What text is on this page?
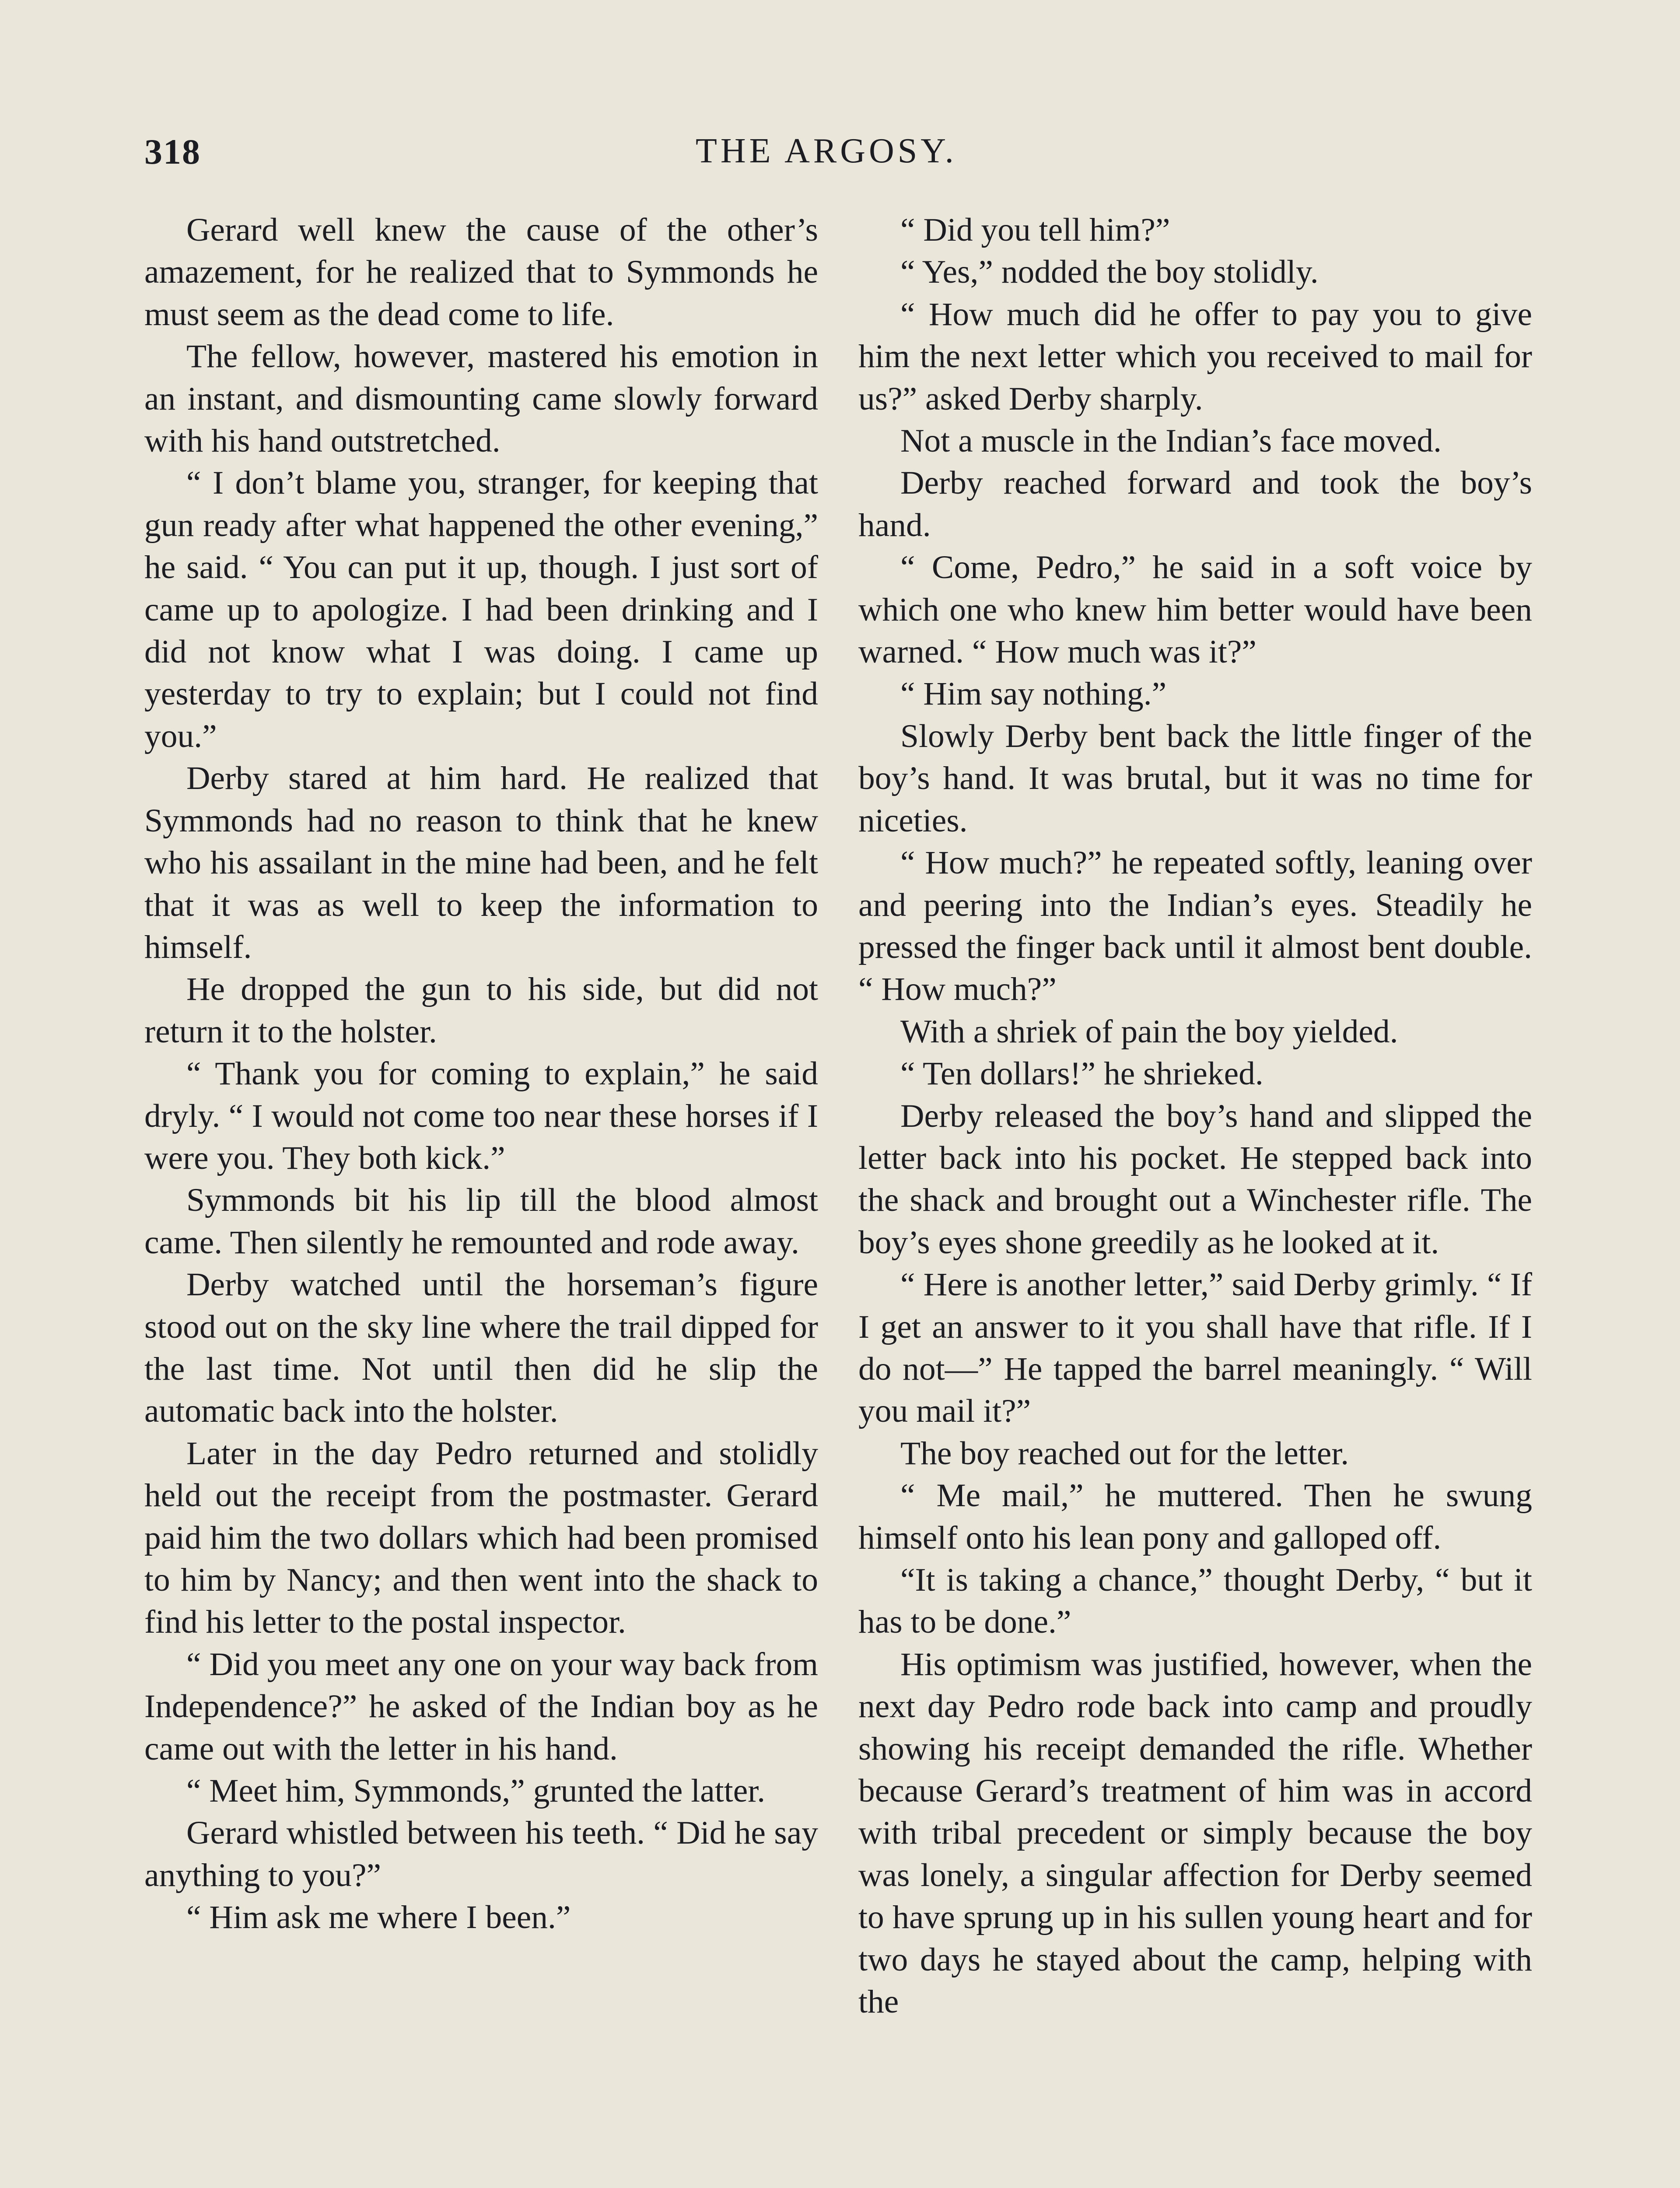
318	THE ARGOSY.

Gerard well knew the cause of the other’s amazement, for he realized that to Symmonds he must seem as the dead come to life.

The fellow, however, mastered his emotion in an instant, and dismounting came slowly forward with his hand outstretched.

“ I don’t blame you, stranger, for keeping that gun ready after what happened the other evening,” he said. “ You can put it up, though. I just sort of came up to apologize. I had been drinking and I did not know what I was doing. I came up yesterday to try to explain; but I could not find you.”

Derby stared at him hard. He realized that Symmonds had no reason to think that he knew who his assailant in the mine had been, and he felt that it was as well to keep the information to himself.

He dropped the gun to his side, but did not return it to the holster.

“ Thank you for coming to explain,” he said dryly. “ I would not come too near these horses if I were you. They both kick.”

Symmonds bit his lip till the blood almost came. Then silently he remounted and rode away.

Derby watched until the horseman’s figure stood out on the sky line where the trail dipped for the last time. Not until then did he slip the automatic back into the holster.

Later in the day Pedro returned and stolidly held out the receipt from the postmaster. Gerard paid him the two dollars which had been promised to him by Nancy; and then went into the shack to find his letter to the postal inspector.

“ Did you meet any one on your way back from Independence?” he asked of the Indian boy as he came out with the letter in his hand.

“ Meet him, Symmonds,” grunted the latter.

Gerard whistled between his teeth. “ Did he say anything to you?”

“ Him ask me where I been.”

“ Did you tell him?”

“ Yes,” nodded the boy stolidly.

“ How much did he offer to pay you to give him the next letter which you received to mail for us?” asked Derby sharply.

Not a muscle in the Indian’s face moved.

Derby reached forward and took the boy’s hand.

“ Come, Pedro,” he said in a soft voice by which one who knew him better would have been warned. “ How much was it?”

“ Him say nothing.”

Slowly Derby bent back the little finger of the boy’s hand. It was brutal, but it was no time for niceties.

“ How much?” he repeated softly, leaning over and peering into the Indian’s eyes. Steadily he pressed the finger back until it almost bent double. “ How much?”

With a shriek of pain the boy yielded.

“ Ten dollars!” he shrieked.

Derby released the boy’s hand and slipped the letter back into his pocket. He stepped back into the shack and brought out a Winchester rifle. The boy’s eyes shone greedily as he looked at it.

“ Here is another letter,” said Derby grimly. “ If I get an answer to it you shall have that rifle. If I do not—” He tapped the barrel meaningly. “ Will you mail it?”

The boy reached out for the letter.

“ Me mail,” he muttered. Then he swung himself onto his lean pony and galloped off.

“It is taking a chance,” thought Derby, “ but it has to be done.”

His optimism was justified, however, when the next day Pedro rode back into camp and proudly showing his receipt demanded the rifle. Whether because Gerard’s treatment of him was in accord with tribal precedent or simply because the boy was lonely, a singular affection for Derby seemed to have sprung up in his sullen young heart and for two days he stayed about the camp, helping with the
